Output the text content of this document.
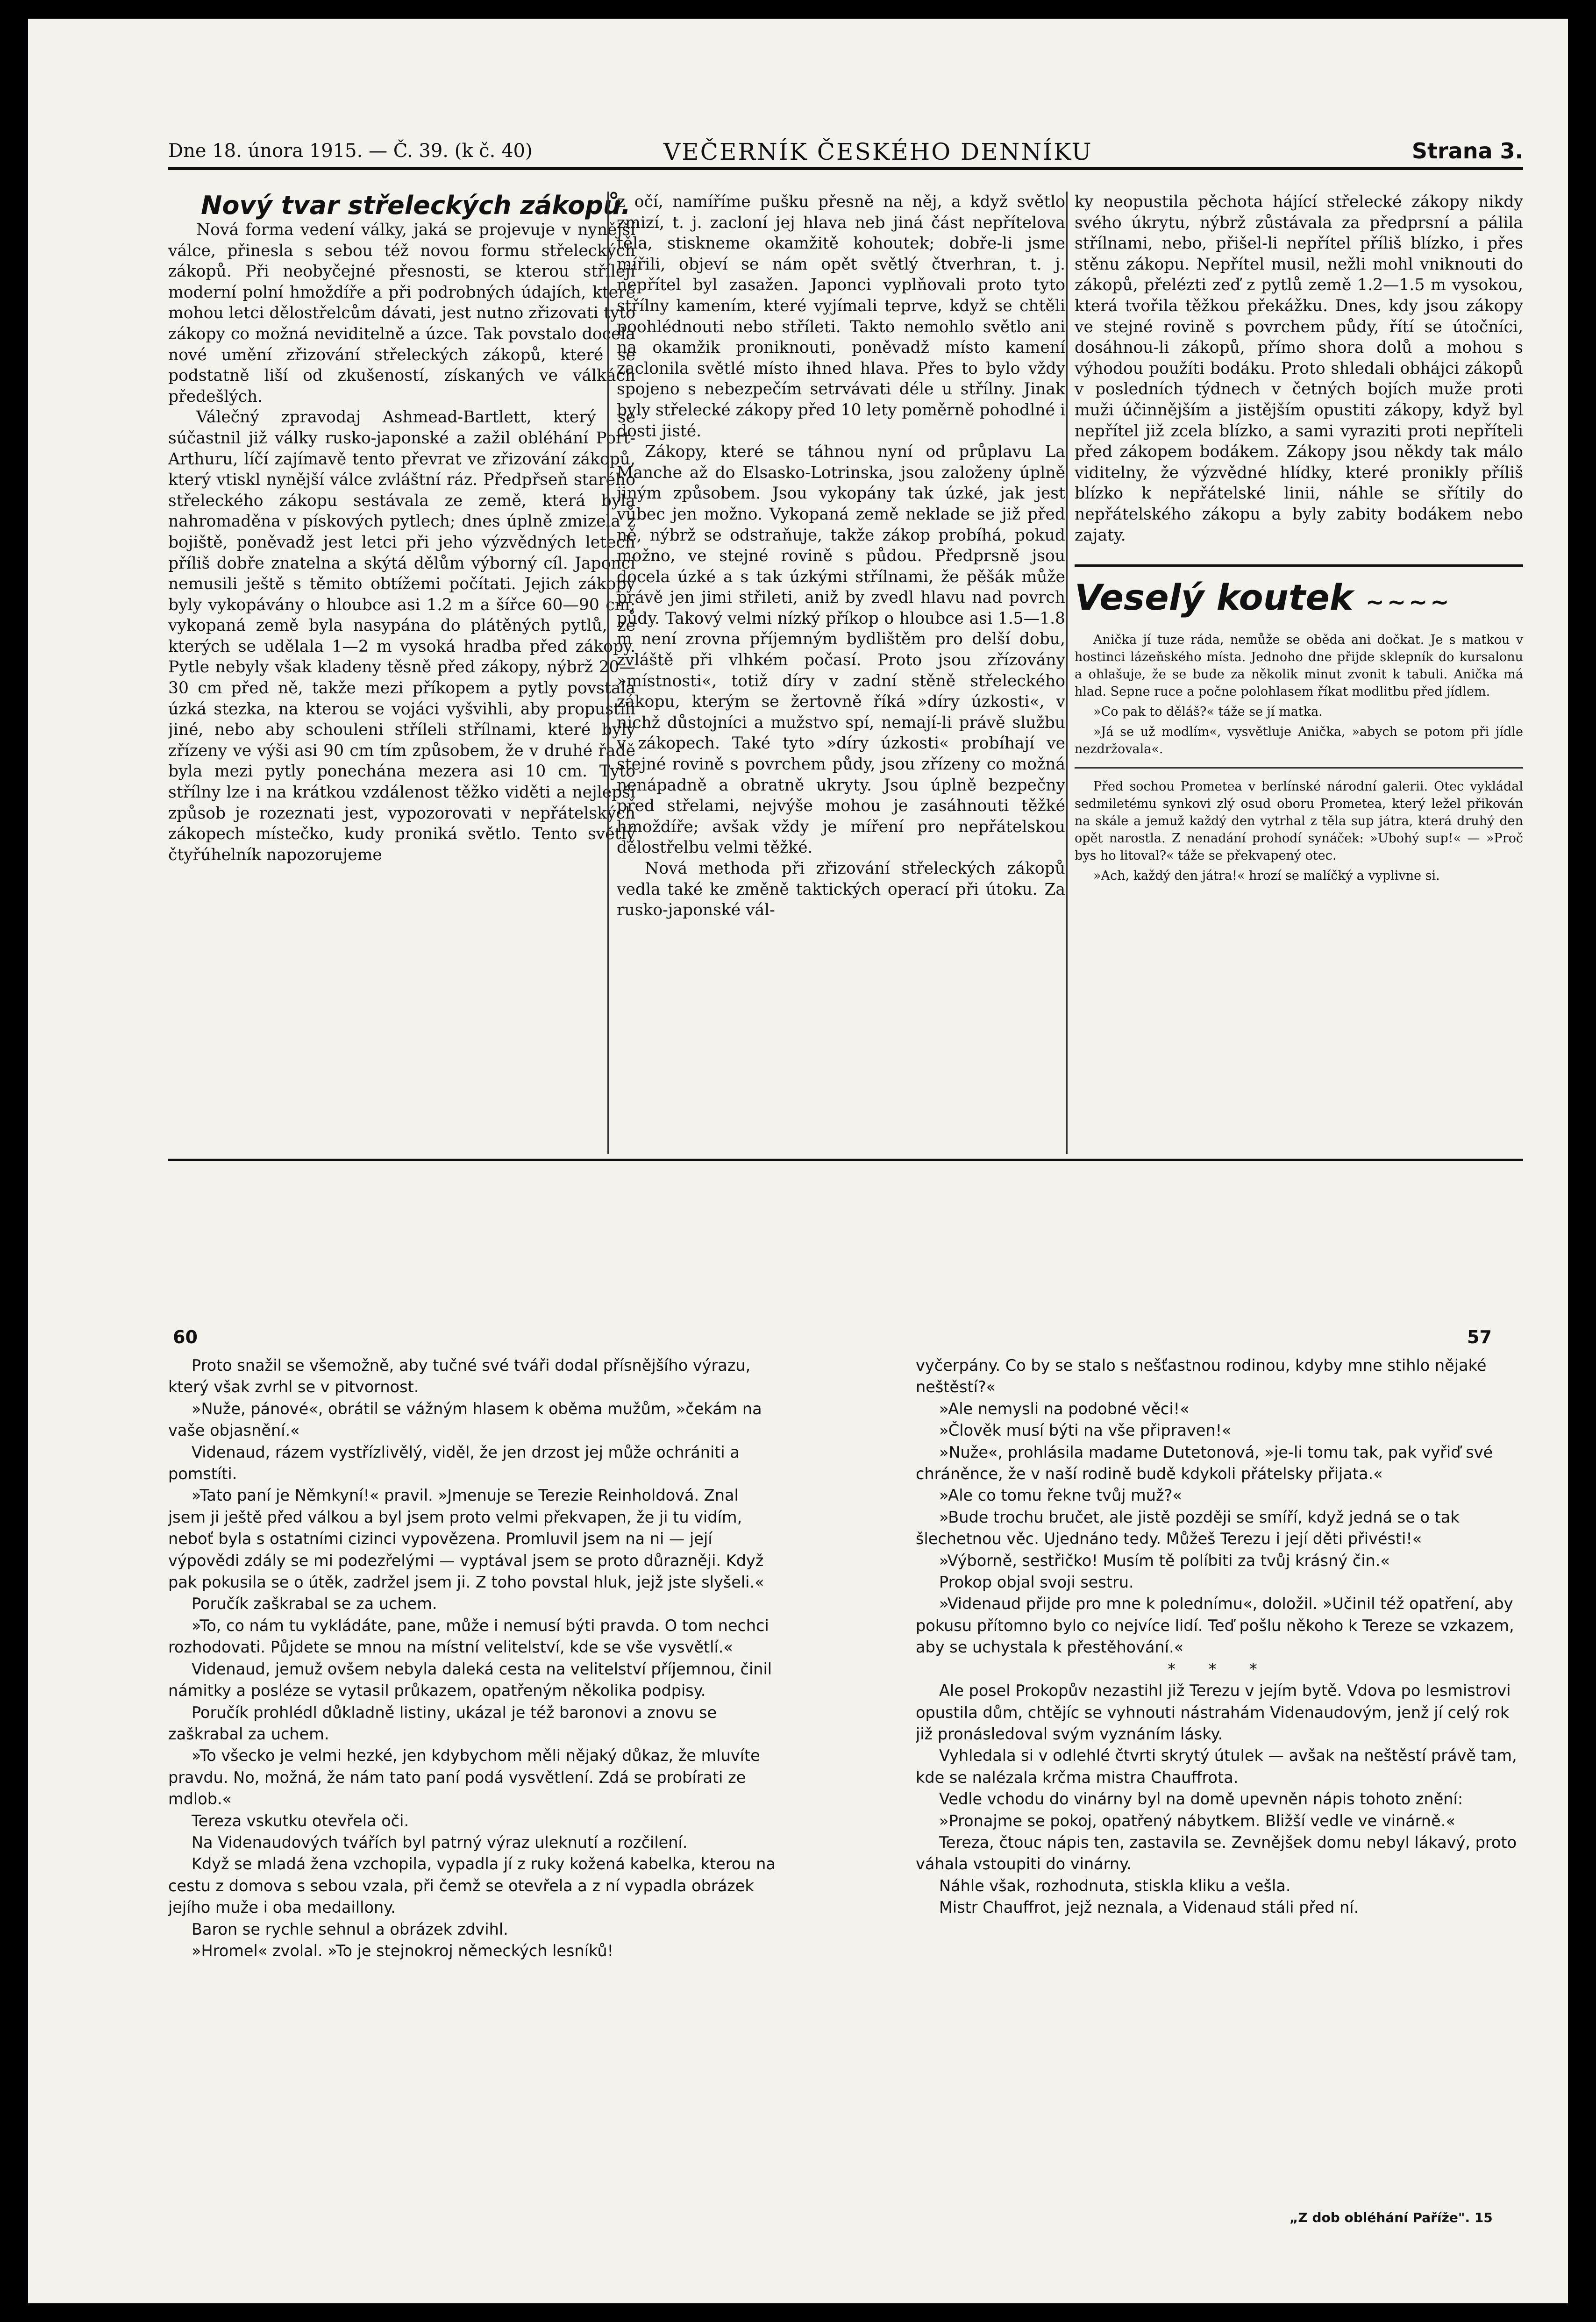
Dne 18. února 1915. — Č. 39. (k č. 40)	VEČERNÍK ČESKÉHO DENNÍKU	Strana 3.

Nový tvar střeleckých zákopů.

Nová forma vedení války, jaká se projevuje v nynější válce, přinesla s sebou též novou formu střeleckých zákopů. Při neobyčejné přesnosti, se kterou střílejí moderní polní hmoždíře a při podrobných údajích, které mohou letci dělostřelcům dávati, jest nutno zřizovati tyto zákopy co možná neviditelně a úzce. Tak povstalo docela nové umění zřizování střeleckých zákopů, které se podstatně liší od zkušeností, získaných ve válkách předešlých.

Válečný zpravodaj Ashmead-Bartlett, který se súčastnil již války rusko-japonské a zažil obléhání Port-Arthuru, líčí zajímavě tento převrat ve zřizování zákopů, který vtiskl nynější válce zvláštní ráz. Předpřseň starého střeleckého zákopu sestávala ze země, která byla nahromaděna v pískových pytlech; dnes úplně zmizela z bojiště, poněvadž jest letci při jeho výzvědných letech příliš dobře znatelna a skýtá dělům výborný cíl. Japonci nemusili ještě s těmito obtížemi počítati. Jejich zákopy byly vykopávány o hloubce asi 1.2 m a šířce 60—90 cm; vykopaná země byla nasypána do plátěných pytlů, ze kterých se udělala 1—2 m vysoká hradba před zákopy. Pytle nebyly však kladeny těsně před zákopy, nýbrž 20—30 cm před ně, takže mezi příkopem a pytly povstala úzká stezka, na kterou se vojáci vyšvihli, aby propustili jiné, nebo aby schouleni stříleli střílnami, které byly zřízeny ve výši asi 90 cm tím způsobem, že v druhé řadě byla mezi pytly ponechána mezera asi 10 cm. Tyto střílny lze i na krátkou vzdálenost těžko viděti a nejlepší způsob je rozeznati jest, vypozorovati v nepřátelských zákopech místečko, kudy proniká světlo. Tento světlý čtyřúhelník napozorujeme

z očí, namíříme pušku přesně na něj, a když světlo zmizí, t. j. zacloní jej hlava neb jiná část nepřítelova těla, stiskneme okamžitě kohoutek; dobře-li jsme mířili, objeví se nám opět světlý čtverhran, t. j. nepřítel byl zasažen. Japonci vyplňovali proto tyto střílny kamením, které vyjímali teprve, když se chtěli poohlédnouti nebo stříleti. Takto nemohlo světlo ani na okamžik proniknouti, poněvadž místo kamení zaclonila světlé místo ihned hlava. Přes to bylo vždy spojeno s nebezpečím setrvávati déle u střílny. Jinak byly střelecké zákopy před 10 lety poměrně pohodlné i dosti jisté.

Zákopy, které se táhnou nyní od průplavu La Manche až do Elsasko-Lotrinska, jsou založeny úplně jiným způsobem. Jsou vykopány tak úzké, jak jest vůbec jen možno. Vykopaná země neklade se již před ně, nýbrž se odstraňuje, takže zákop probíhá, pokud možno, ve stejné rovině s půdou. Předprsně jsou docela úzké a s tak úzkými střílnami, že pěšák může právě jen jimi střileti, aniž by zvedl hlavu nad povrch půdy. Takový velmi nízký příkop o hloubce asi 1.5—1.8 m není zrovna příjemným bydlištěm pro delší dobu, zvláště při vlhkém počasí. Proto jsou zřízovány »místnosti«, totiž díry v zadní stěně střeleckého zákopu, kterým se žertovně říká »díry úzkosti«, v nichž důstojníci a mužstvo spí, nemají-li právě službu v zákopech. Také tyto »díry úzkosti« probíhají ve stejné rovině s povrchem půdy, jsou zřízeny co možná nenápadně a obratně ukryty. Jsou úplně bezpečny před střelami, nejvýše mohou je zasáhnouti těžké hmoždíře; avšak vždy je míření pro nepřátelskou dělostřelbu velmi těžké.

Nová methoda při zřizování střeleckých zákopů vedla také ke změně taktických operací při útoku. Za rusko-japonské vál-

ky neopustila pěchota hájící střelecké zákopy nikdy svého úkrytu, nýbrž zůstávala za předprsní a pálila střílnami, nebo, přišel-li nepřítel příliš blízko, i přes stěnu zákopu. Nepřítel musil, nežli mohl vniknouti do zákopů, přelézti zeď z pytlů země 1.2—1.5 m vysokou, která tvořila těžkou překážku. Dnes, kdy jsou zákopy ve stejné rovině s povrchem půdy, řítí se útočníci, dosáhnou-li zákopů, přímo shora dolů a mohou s výhodou použíti bodáku. Proto shledali obhájci zákopů v posledních týdnech v četných bojích muže proti muži účinnějším a jistějším opustiti zákopy, když byl nepřítel již zcela blízko, a sami vyraziti proti nepříteli před zákopem bodákem. Zákopy jsou někdy tak málo viditelny, že výzvědné hlídky, které pronikly příliš blízko k nepřátelské linii, náhle se sřítily do nepřátelského zákopu a byly zabity bodákem nebo zajaty.

Veselý koutek ~~~~

Anička jí tuze ráda, nemůže se oběda ani dočkat. Je s matkou v hostinci lázeňského místa. Jednoho dne přijde sklepník do kursalonu a ohlašuje, že se bude za několik minut zvonit k tabuli. Anička má hlad. Sepne ruce a počne polohlasem říkat modlitbu před jídlem.

»Co pak to děláš?« táže se jí matka.

»Já se už modlím«, vysvětluje Anička, »abych se potom při jídle nezdržovala«.

Před sochou Prometea v berlínské národní galerii. Otec vykládal sedmiletému synkovi zlý osud oboru Prometea, který ležel přikován na skále a jemuž každý den vytrhal z těla sup játra, která druhý den opět narostla. Z nenadání prohodí synáček: »Ubohý sup!« — »Proč bys ho litoval?« táže se překvapený otec.

»Ach, každý den játra!« hrozí se malíčký a vyplivne si.

60	57

Proto snažil se všemožně, aby tučné své tváři dodal přísnějšího výrazu, který však zvrhl se v pitvornost.

»Nuže, pánové«, obrátil se vážným hlasem k oběma mužům, »čekám na vaše objasnění.«

Videnaud, rázem vystřízlivělý, viděl, že jen drzost jej může ochrániti a pomstíti.

»Tato paní je Němkyní!« pravil. »Jmenuje se Terezie Reinholdová. Znal jsem ji ještě před válkou a byl jsem proto velmi překvapen, že ji tu vidím, neboť byla s ostatními cizinci vypovězena. Promluvil jsem na ni — její výpovědi zdály se mi podezřelými — vyptával jsem se proto důrazněji. Když pak pokusila se o útěk, zadržel jsem ji. Z toho povstal hluk, jejž jste slyšeli.«

Poručík zaškrabal se za uchem.

»To, co nám tu vykládáte, pane, může i nemusí býti pravda. O tom nechci rozhodovati. Půjdete se mnou na místní velitelství, kde se vše vysvětlí.«

Videnaud, jemuž ovšem nebyla daleká cesta na velitelství příjemnou, činil námitky a posléze se vytasil průkazem, opatřeným několika podpisy.

Poručík prohlédl důkladně listiny, ukázal je též baronovi a znovu se zaškrabal za uchem.

»To všecko je velmi hezké, jen kdybychom měli nějaký důkaz, že mluvíte pravdu. No, možná, že nám tato paní podá vysvětlení. Zdá se probírati ze mdlob.«

Tereza vskutku otevřela oči.

Na Videnaudových tvářích byl patrný výraz uleknutí a rozčilení.

Když se mladá žena vzchopila, vypadla jí z ruky kožená kabelka, kterou na cestu z domova s sebou vzala, při čemž se otevřela a z ní vypadla obrázek jejího muže i oba medaillony.

Baron se rychle sehnul a obrázek zdvihl.

»Hromel« zvolal. »To je stejnokroj německých lesníků!

vyčerpány. Co by se stalo s nešťastnou rodinou, kdyby mne stihlo nějaké neštěstí?«

»Ale nemysli na podobné věci!«

»Člověk musí býti na vše připraven!«

»Nuže«, prohlásila madame Dutetonová, »je-li tomu tak, pak vyřiď své chráněnce, že v naší rodině budě kdykoli přátelsky přijata.«

»Ale co tomu řekne tvůj muž?«

»Bude trochu bručet, ale jistě později se smíří, když jedná se o tak šlechetnou věc. Ujednáno tedy. Můžeš Terezu i její děti přivésti!«

»Výborně, sestřičko! Musím tě políbiti za tvůj krásný čin.«

Prokop objal svoji sestru.

»Videnaud přijde pro mne k polednímu«, doložil. »Učinil též opatření, aby pokusu přítomno bylo co nejvíce lidí. Teď pošlu někoho k Tereze se vzkazem, aby se uchystala k přestěhování.«

* * *

Ale posel Prokopův nezastihl již Terezu v jejím bytě. Vdova po lesmistrovi opustila dům, chtějíc se vyhnouti nástrahám Videnaudovým, jenž jí celý rok již pronásledoval svým vyznáním lásky.

Vyhledala si v odlehlé čtvrti skrytý útulek — avšak na neštěstí právě tam, kde se nalézala krčma mistra Chauffrota.

Vedle vchodu do vinárny byl na domě upevněn nápis tohoto znění:

»Pronajme se pokoj, opatřený nábytkem. Bližší vedle ve vinárně.«

Tereza, čtouc nápis ten, zastavila se. Zevnějšek domu nebyl lákavý, proto váhala vstoupiti do vinárny.

Náhle však, rozhodnuta, stiskla kliku a vešla.

Mistr Chauffrot, jejž neznala, a Videnaud stáli před ní.

„Z dob obléhání Paříže". 15
